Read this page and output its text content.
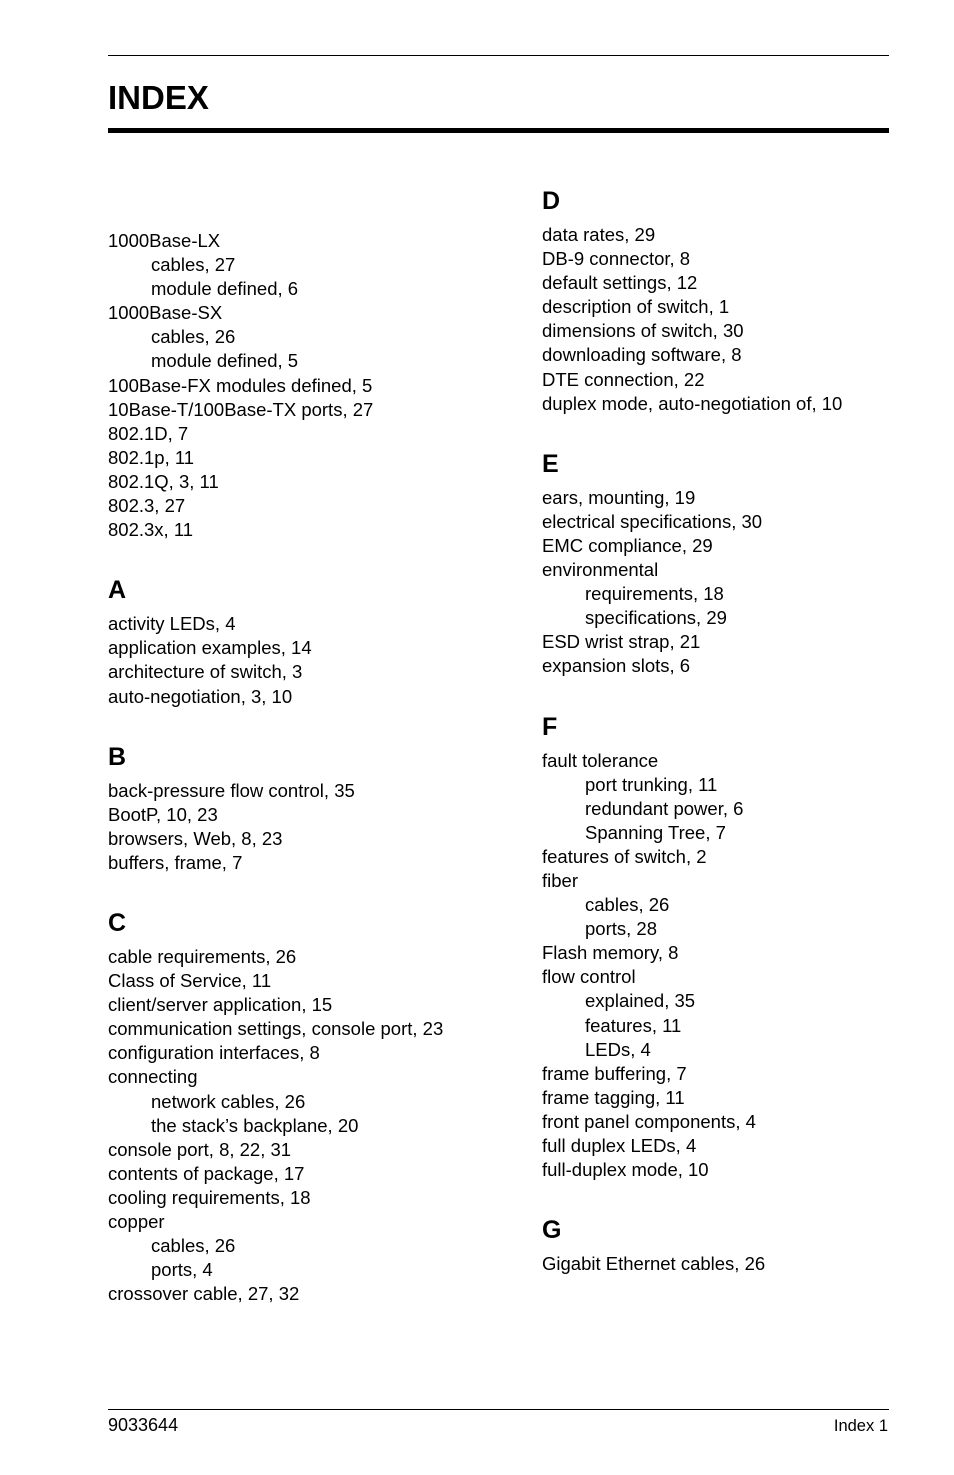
INDEX
1000Base-LX
cables, 27
module defined, 6
1000Base-SX
cables, 26
module defined, 5
100Base-FX modules defined, 5
10Base-T/100Base-TX ports, 27
802.1D, 7
802.1p, 11
802.1Q, 3, 11
802.3, 27
802.3x, 11
A
activity LEDs, 4
application examples, 14
architecture of switch, 3
auto-negotiation, 3, 10
B
back-pressure flow control, 35
BootP, 10, 23
browsers, Web, 8, 23
buffers, frame, 7
C
cable requirements, 26
Class of Service, 11
client/server application, 15
communication settings, console port, 23
configuration interfaces, 8
connecting
network cables, 26
the stack’s backplane, 20
console port, 8, 22, 31
contents of package, 17
cooling requirements, 18
copper
cables, 26
ports, 4
crossover cable, 27, 32
D
data rates, 29
DB-9 connector, 8
default settings, 12
description of switch, 1
dimensions of switch, 30
downloading software, 8
DTE connection, 22
duplex mode, auto-negotiation of, 10
E
ears, mounting, 19
electrical specifications, 30
EMC compliance, 29
environmental
requirements, 18
specifications, 29
ESD wrist strap, 21
expansion slots, 6
F
fault tolerance
port trunking, 11
redundant power, 6
Spanning Tree, 7
features of switch, 2
fiber
cables, 26
ports, 28
Flash memory, 8
flow control
explained, 35
features, 11
LEDs, 4
frame buffering, 7
frame tagging, 11
front panel components, 4
full duplex LEDs, 4
full-duplex mode, 10
G
Gigabit Ethernet cables, 26
9033644	Index 1
